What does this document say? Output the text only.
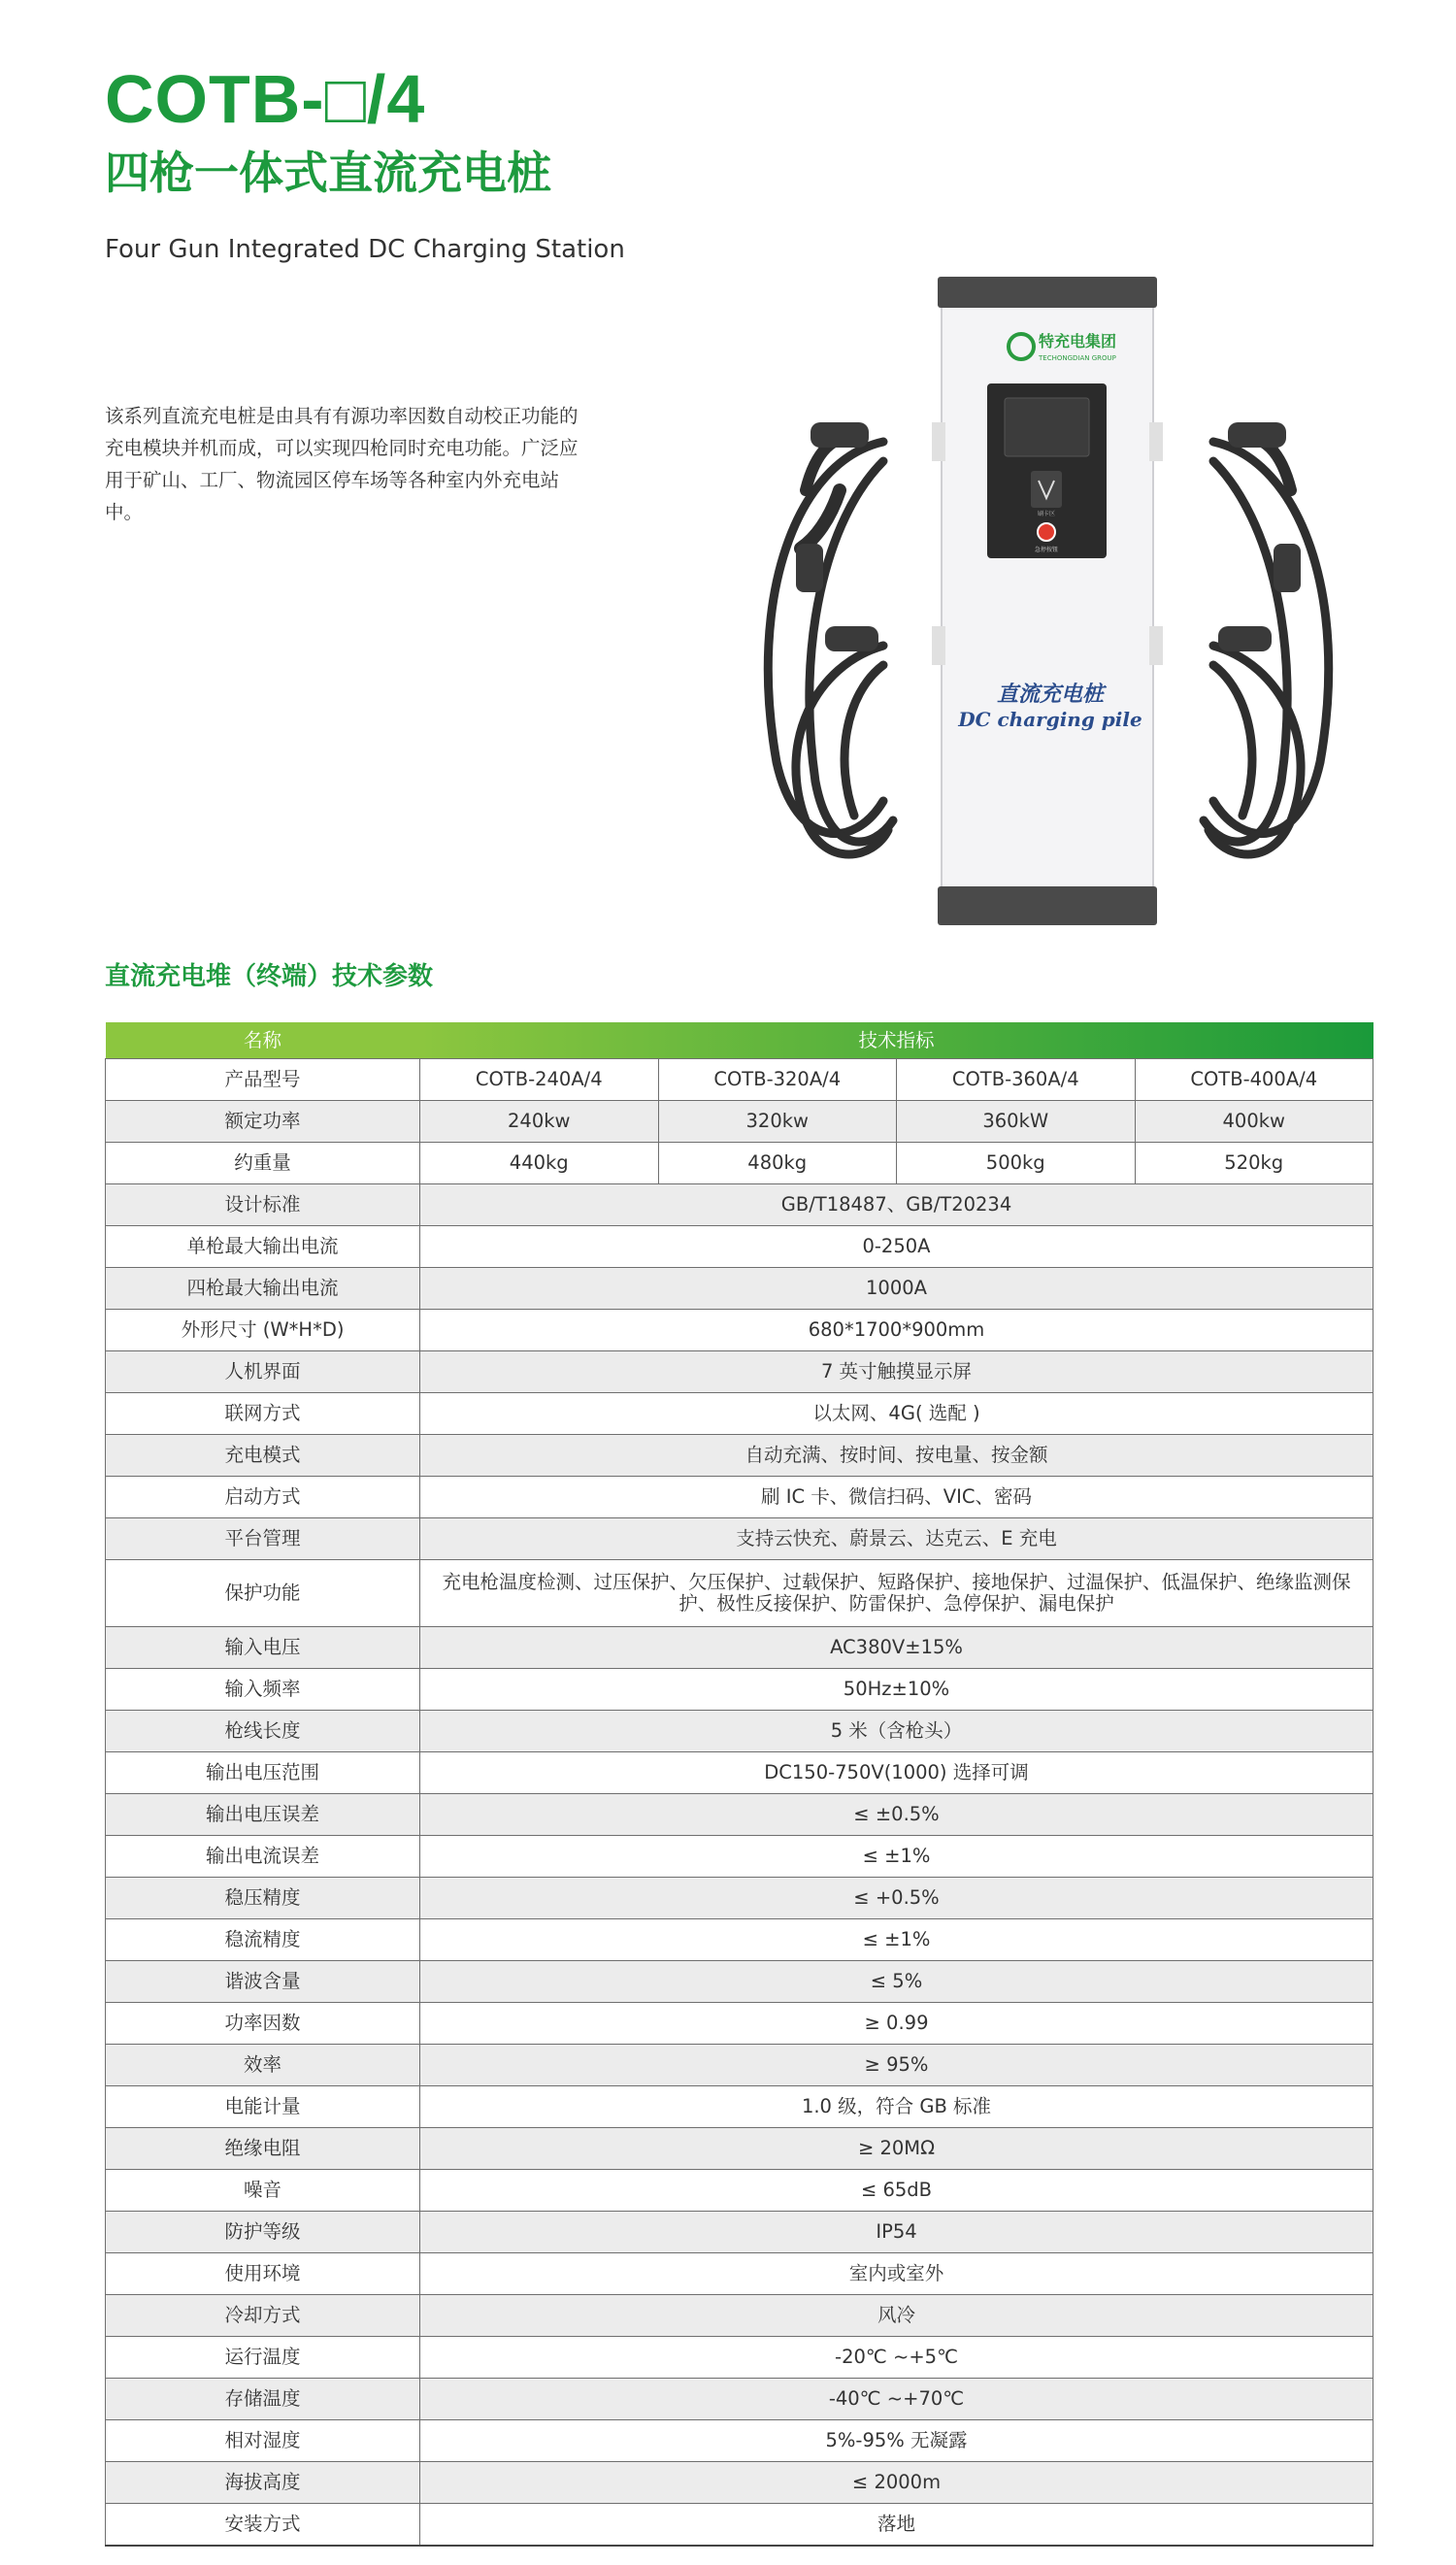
COTB-□/4
四枪一体式直流充电桩
Four Gun Integrated DC Charging Station
该系列直流充电桩是由具有有源功率因数自动校正功能的充电模块并机而成，可以实现四枪同时充电功能。广泛应用于矿山、工厂、物流园区停车场等各种室内外充电站中。
特充电集团
TECHONGDIAN GROUP
刷卡区
急停按钮
直流充电桩
DC charging pile
直流充电堆（终端）技术参数
名称	技术指标			
产品型号	COTB-240A/4	COTB-320A/4	COTB-360A/4	COTB-400A/4
额定功率	240kw	320kw	360kW	400kw
约重量	440kg	480kg	500kg	520kg
设计标准	GB/T18487、GB/T20234			
单枪最大输出电流	0-250A			
四枪最大输出电流	1000A			
外形尺寸 (W*H*D)	680*1700*900mm			
人机界面	7 英寸触摸显示屏			
联网方式	以太网、4G( 选配 )			
充电模式	自动充满、按时间、按电量、按金额			
启动方式	刷 IC 卡、微信扫码、VIC、密码			
平台管理	支持云快充、蔚景云、达克云、E 充电			
保护功能	充电枪温度检测、过压保护、欠压保护、过载保护、短路保护、接地保护、过温保护、低温保护、绝缘监测保护、极性反接保护、防雷保护、急停保护、漏电保护			
输入电压	AC380V±15%			
输入频率	50Hz±10%			
枪线长度	5 米（含枪头）			
输出电压范围	DC150-750V(1000) 选择可调			
输出电压误差	≤ ±0.5%			
输出电流误差	≤ ±1%			
稳压精度	≤ +0.5%			
稳流精度	≤ ±1%			
谐波含量	≤ 5%			
功率因数	≥ 0.99			
效率	≥ 95%			
电能计量	1.0 级，符合 GB 标准			
绝缘电阻	≥ 20MΩ			
噪音	≤ 65dB			
防护等级	IP54			
使用环境	室内或室外			
冷却方式	风冷			
运行温度	-20℃ ~+5℃			
存储温度	-40℃ ~+70℃			
相对湿度	5%-95% 无凝露			
海拔高度	≤ 2000m			
安装方式	落地			
